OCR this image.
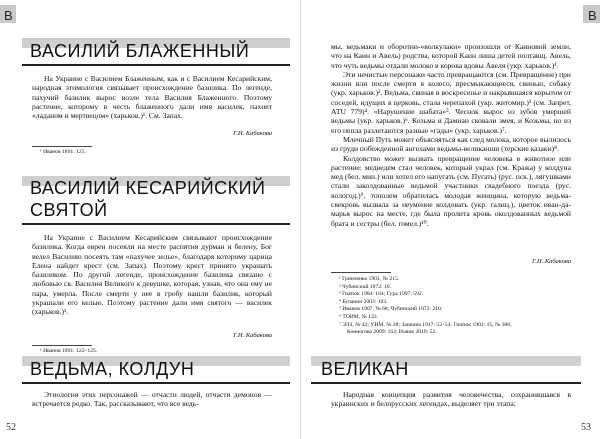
В
ВАСИЛИЙ БЛАЖЕННЫЙ

На Украине с Василием Блаженным, как и с Василием Кесарийским, народная этимология связывает происхождение базилика. По легенде, пахучий базилик вырос возле тела Василия Блаженного. Поэтому растение, которому в честь блаженного дали имя василек, пахнет «ладаном и мертвецом» (харьков.)¹. См. Запах.

Г.И. Кабакова
¹ Иванов 1891: 125.
ВАСИЛИЙ КЕСАРИЙСКИЙ
СВЯТОЙ

На Украине с Василием Кесарийским связывают происхождение базилика. Когда евреи посеяли на месте распятия дурман и белену, Бог велел Василию посеять там «пахучее зелье», благодаря которому царица Елена найдет крест (см. Запах). Поэтому крест принято украшать базиликом. По другой легенде, происхождение базилика связано с любовью св. Василия Великого к девушке, которая, узнав, что она ему не пара, умерла. После смерти у нее в гробу нашли базилик, который украшали его келью. Поэтому растение дали имя святого — василек (харьков.)¹.

Г.И. Кабакова
¹ Иванов 1891: 122–125.
ВЕДЬМА, КОЛДУН

Этиология этих персонажей — отчасти людей, отчасти демонов — встречается редко. Так, рассказывают, что все ведь-

52
В

мы, ведьмаки и оборотни-«волкулаки» произошли от Каиновой земли, что на Каин и Авель) родства, которой Каин лиша детей полтавщ. Авель, что чуть ведьмы отдали молоко в корова вдовы Авеля (укр. харьков.)¹.

Эти нечистые персонажи часто превращаются (см. Превращение) при жизни или после смерти в колесо, пресмыкающиеся, свинью, собаку (укр. харьков.)². Ведьма, свиная в воскресенье и накрывшаяся корытом от соседей, идущих в церковь, стала черепахой (укр. житомир.)³ (см. Запрет, АТU 779)⁴. «Нарушение шабата»⁵. Чеснок вырос из зубов умершей ведьмы (укр. харьков.)⁶. Козьма и Дамиан сковали змея, и Козьмы, но из его пепла разлетаются разные «гады» (укр. харьков.)⁷.

Млечный Путь может объясняться как след молока, которое вылилось из груди побежденной ангелами ведьмы-великанши (терские казаки)⁸.

Колдовство может вызвать превращение человека в животное или растение: медведем стал человек, который украл (см. Кража) у колдуна мед (бел. мин.) или хотел его напугать (см. Пугать) (рус. пск.), лягушками стали заколдованные ведьмой участники свадебного поезда (рус. вологод.)⁹, тополем обратилась молодая женщина, которую ведьма-свекровь вызвала за неумение колдовать (укр. галиц.), цветок иван-да-марья вырос на месте, где была пролита кровь околдованных ведьмой брата и сестры (бел. гомел.)¹⁰.

Г.И. Кабакова
¹ Гринченко 1901, № 215.
² Чубинский 1872: 10.
³ Гнатюк 1904: 104; Гура 1997: 592.
⁴ Буланин 2003: 103.
⁵ Иванов 1907, № 68; Чубинский 1872: 210.
⁶ ТОИМ, № 122.
⁷ ЭЛЗ, № 42; УИМ, № 28; Заикина 1917: 53–54; Гнатюк 1902: 15, № 306;
Конногова 2009: 163; Новик 2010: 52.
ВЕЛИКАН

Народная концепция развития человечества, сохранившаяся в украинских и белорусских легендах, выделяет три этапа;

53
